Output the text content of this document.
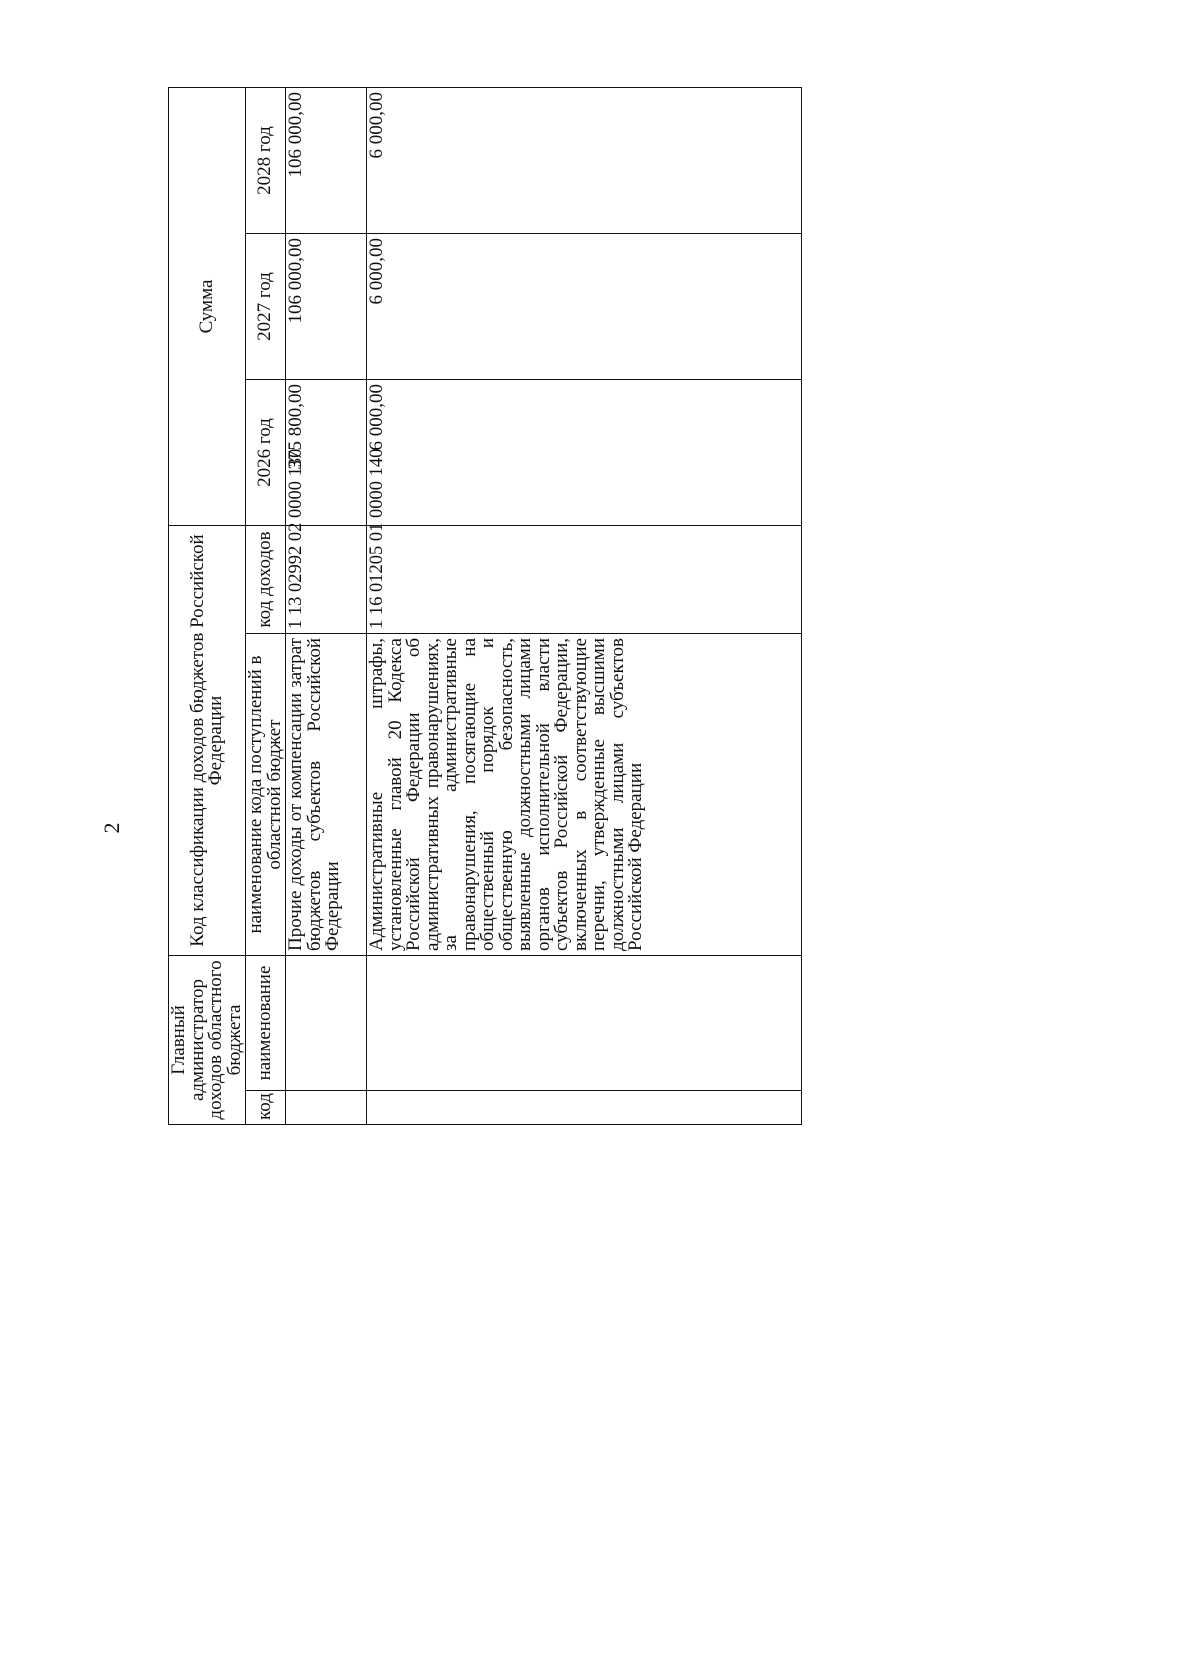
2
Главный администратор доходов областного бюджета		Код классификации доходов бюджетов Российской Федерации		Сумма		
код	наименование	наименование кода поступлений в областной бюджет	код доходов			
				2026 год	2027 год	2028 год
		Прочие доходы от компенсации затрат бюджетов субъектов Российской Федерации	1 13 02992 02 0000 130	375 800,00	106 000,00	106 000,00
		Административные штрафы, установленные главой 20 Кодекса Российской Федерации об административных правонарушениях, за административные правонарушения, посягающие на общественный порядок и общественную безопасность, выявленные должностными лицами органов исполнительной власти субъектов Российской Федерации, включенных в соответствующие перечни, утвержденные высшими должностными лицами субъектов Российской Федерации	1 16 01205 01 0000 140	6 000,00	6 000,00	6 000,00
